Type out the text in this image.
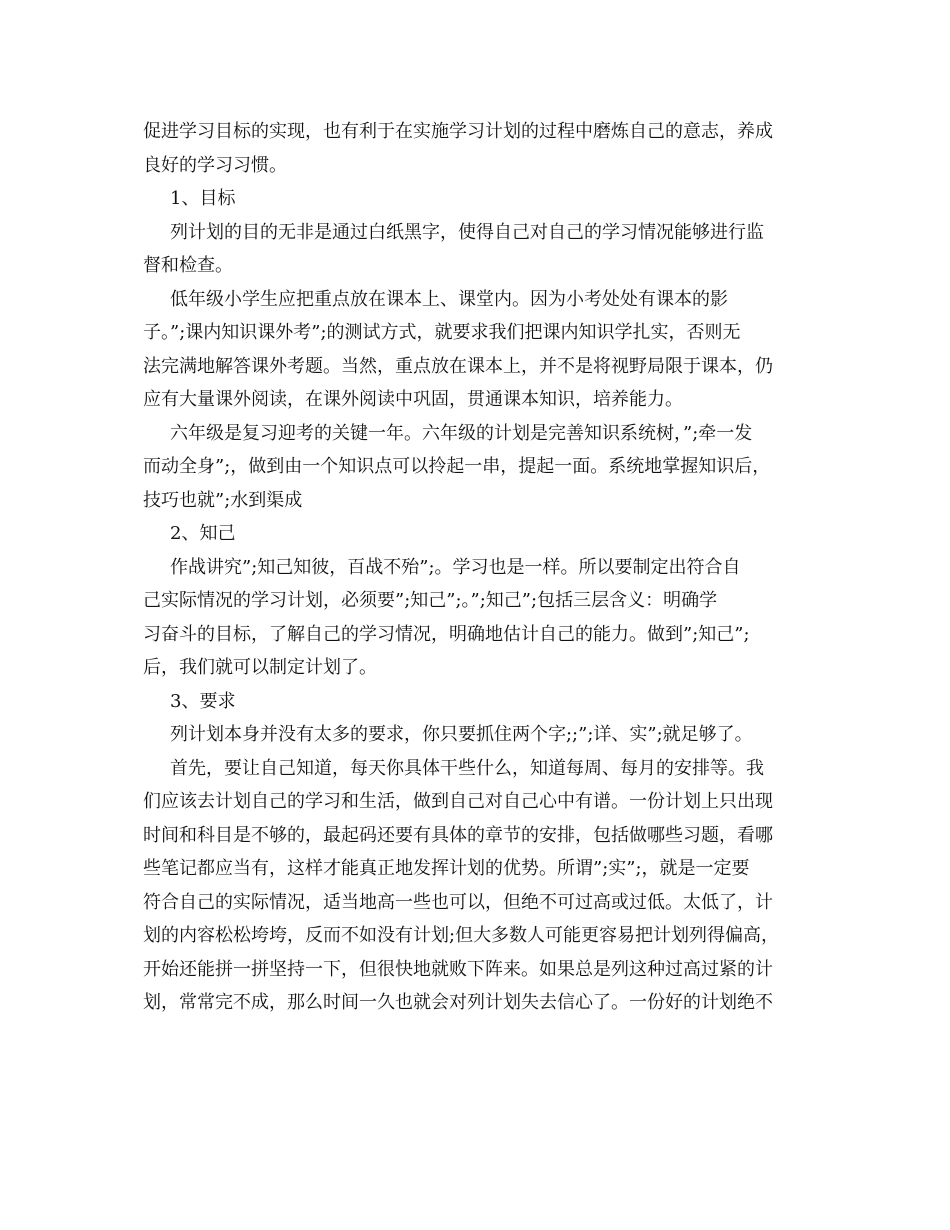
促进学习目标的实现，也有利于在实施学习计划的过程中磨炼自己的意志，养成
良好的学习习惯。
1、目标
列计划的目的无非是通过白纸黑字，使得自己对自己的学习情况能够进行监
督和检查。
低年级小学生应把重点放在课本上、课堂内。因为小考处处有课本的影
子。”;课内知识课外考”;的测试方式，就要求我们把课内知识学扎实，否则无
法完满地解答课外考题。当然，重点放在课本上，并不是将视野局限于课本，仍
应有大量课外阅读，在课外阅读中巩固，贯通课本知识，培养能力。
六年级是复习迎考的关键一年。六年级的计划是完善知识系统树，”;牵一发
而动全身”;，做到由一个知识点可以拎起一串，提起一面。系统地掌握知识后，
技巧也就”;水到渠成
2、知己
作战讲究”;知己知彼，百战不殆”;。学习也是一样。所以要制定出符合自
己实际情况的学习计划，必须要”;知己”;。”;知己”;包括三层含义：明确学
习奋斗的目标，了解自己的学习情况，明确地估计自己的能力。做到”;知己”;
后，我们就可以制定计划了。
3、要求
列计划本身并没有太多的要求，你只要抓住两个字;;”;详、实”;就足够了。
首先，要让自己知道，每天你具体干些什么，知道每周、每月的安排等。我
们应该去计划自己的学习和生活，做到自己对自己心中有谱。一份计划上只出现
时间和科目是不够的，最起码还要有具体的章节的安排，包括做哪些习题，看哪
些笔记都应当有，这样才能真正地发挥计划的优势。所谓”;实”;，就是一定要
符合自己的实际情况，适当地高一些也可以，但绝不可过高或过低。太低了，计
划的内容松松垮垮，反而不如没有计划;但大多数人可能更容易把计划列得偏高，
开始还能拼一拼坚持一下，但很快地就败下阵来。如果总是列这种过高过紧的计
划，常常完不成，那么时间一久也就会对列计划失去信心了。一份好的计划绝不
